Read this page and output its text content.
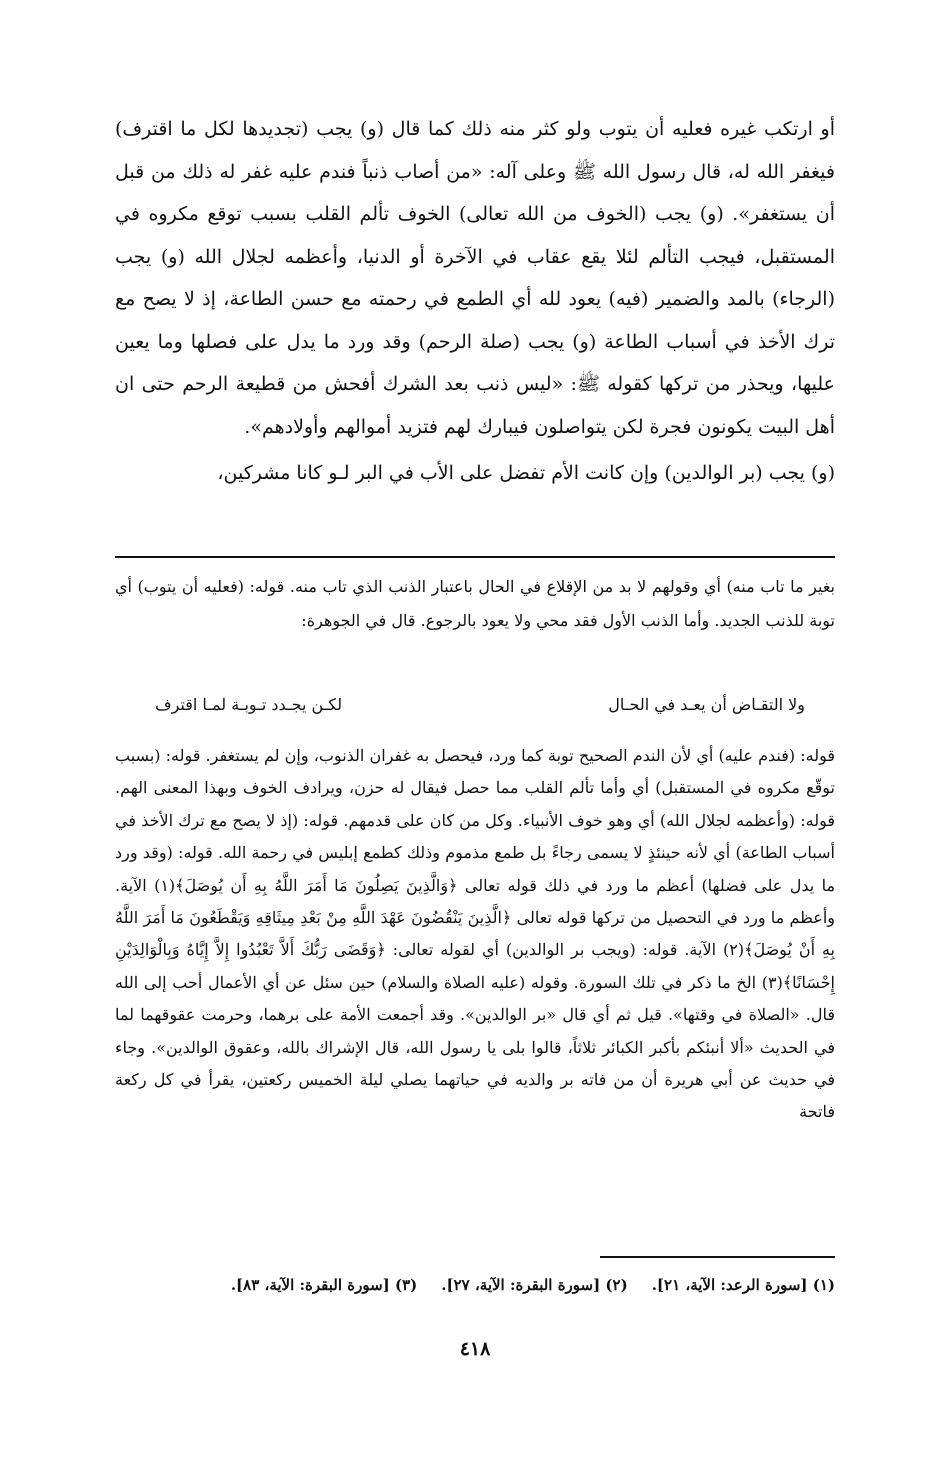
أو ارتكب غيره فعليه أن يتوب ولو كثر منه ذلك كما قال (و) يجب (تجديدها لكل ما اقترف) فيغفر الله له، قال رسول الله ﷺ وعلى آله: «من أصاب ذنباً فندم عليه غفر له ذلك من قبل أن يستغفر». (و) يجب (الخوف من الله تعالى) الخوف تألم القلب بسبب توقع مكروه في المستقبل، فيجب التألم لئلا يقع عقاب في الآخرة أو الدنيا، وأعظمه لجلال الله (و) يجب (الرجاء) بالمد والضمير (فيه) يعود لله أي الطمع في رحمته مع حسن الطاعة، إذ لا يصح مع ترك الأخذ في أسباب الطاعة (و) يجب (صلة الرحم) وقد ورد ما يدل على فصلها وما يعين عليها، ويحذر من تركها كقوله ﷺ: «ليس ذنب بعد الشرك أفحش من قطيعة الرحم حتى ان أهل البيت يكونون فجرة لكن يتواصلون فيبارك لهم فتزيد أموالهم وأولادهم».

(و) يجب (بر الوالدين) وإن كانت الأم تفضل على الأب في البر لـو كانا مشركين،

بغير ما تاب منه) أي وقولهم لا بد من الإقلاع في الحال باعتبار الذنب الذي تاب منه. قوله: (فعليه أن يتوب) أي توبة للذنب الجديد. وأما الذنب الأول فقد محي ولا يعود بالرجوع. قال في الجوهرة:

ولا التقـاض أن يعـد في الحـال
لكـن يجـدد تـوبـة لمـا اقترف

قوله: (فندم عليه) أي لأن الندم الصحيح توبة كما ورد، فيحصل به غفران الذنوب، وإن لم يستغفر. قوله: (بسبب توقّع مكروه في المستقبل) أي وأما تألم القلب مما حصل فيقال له حزن، ويرادف الخوف وبهذا المعنى الهم. قوله: (وأعظمه لجلال الله) أي وهو خوف الأنبياء. وكل من كان على قدمهم. قوله: (إذ لا يصح مع ترك الأخذ في أسباب الطاعة) أي لأنه حينئذٍ لا يسمى رجاءً بل طمع مذموم وذلك كطمع إبليس في رحمة الله. قوله: (وقد ورد ما يدل على فضلها) أعظم ما ورد في ذلك قوله تعالى ﴿وَالَّذِينَ يَصِلُونَ مَا أَمَرَ اللَّهُ بِهِ أَن يُوصَلَ﴾(١) الآية. وأعظم ما ورد في التحصيل من تركها قوله تعالى ﴿الَّذِينَ يَنْقُضُونَ عَهْدَ اللَّهِ مِنْ بَعْدِ مِيثَاقِهِ وَيَقْطَعُونَ مَا أَمَرَ اللَّهُ بِهِ أَنْ يُوصَلَ﴾(٢) الآية. قوله: (ويجب بر الوالدين) أي لقوله تعالى: ﴿وَقَضَى رَبُّكَ أَلاَّ تَعْبُدُوا إِلاَّ إِيَّاهُ وَبِالْوَالِدَيْنِ إِحْسَانًا﴾(٣) الخ ما ذكر في تلك السورة. وقوله (عليه الصلاة والسلام) حين سئل عن أي الأعمال أحب إلى الله قال. «الصلاة في وقتها». قيل ثم أي قال «بر الوالدين». وقد أجمعت الأمة على برهما، وحرمت عقوقهما لما في الحديث «ألا أنبئكم بأكبر الكبائر ثلاثاً، قالوا بلى يا رسول الله، قال الإشراك بالله، وعقوق الوالدين». وجاء في حديث عن أبي هريرة أن من فاته بر والديه في حياتهما يصلي ليلة الخميس ركعتين، يقرأ في كل ركعة فاتحة

(١) [سورة الرعد: الآية، ٢١].
(٢) [سورة البقرة: الآية، ٢٧].
(٣) [سورة البقرة: الآية، ٨٣].
٤١٨
